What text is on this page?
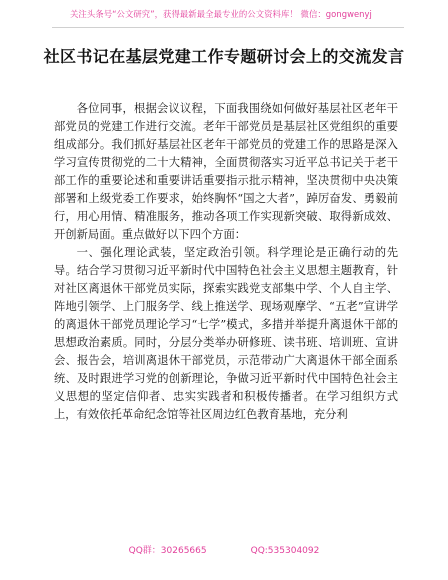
关注头条号“公文研究”，获得最新最全最专业的公文资料库！ 微信：gongwenyj
社区书记在基层党建工作专题研讨会上的交流发言

各位同事，根据会议议程，下面我围绕如何做好基层社区老年干部党员的党建工作进行交流。老年干部党员是基层社区党组织的重要组成部分。我们抓好基层社区老年干部党员的党建工作的思路是深入学习宣传贯彻党的二十大精神，全面贯彻落实习近平总书记关于老干部工作的重要论述和重要讲话重要指示批示精神，坚决贯彻中央决策部署和上级党委工作要求，始终胸怀“国之大者”，踔厉奋发、勇毅前行，用心用情、精准服务，推动各项工作实现新突破、取得新成效、开创新局面。重点做好以下四个方面：

一、强化理论武装，坚定政治引领。科学理论是正确行动的先导。结合学习贯彻习近平新时代中国特色社会主义思想主题教育，针对社区离退休干部党员实际，探索实践党支部集中学、个人自主学、阵地引领学、上门服务学、线上推送学、现场观摩学、“五老”宣讲学的离退休干部党员理论学习“七学”模式，多措并举提升离退休干部的思想政治素质。同时，分层分类举办研修班、读书班、培训班、宣讲会、报告会，培训离退休干部党员，示范带动广大离退休干部全面系统、及时跟进学习党的创新理论，争做习近平新时代中国特色社会主义思想的坚定信仰者、忠实实践者和积极传播者。在学习组织方式上，有效依托革命纪念馆等社区周边红色教育基地，充分利

QQ群：30265665	QQ:535304092
